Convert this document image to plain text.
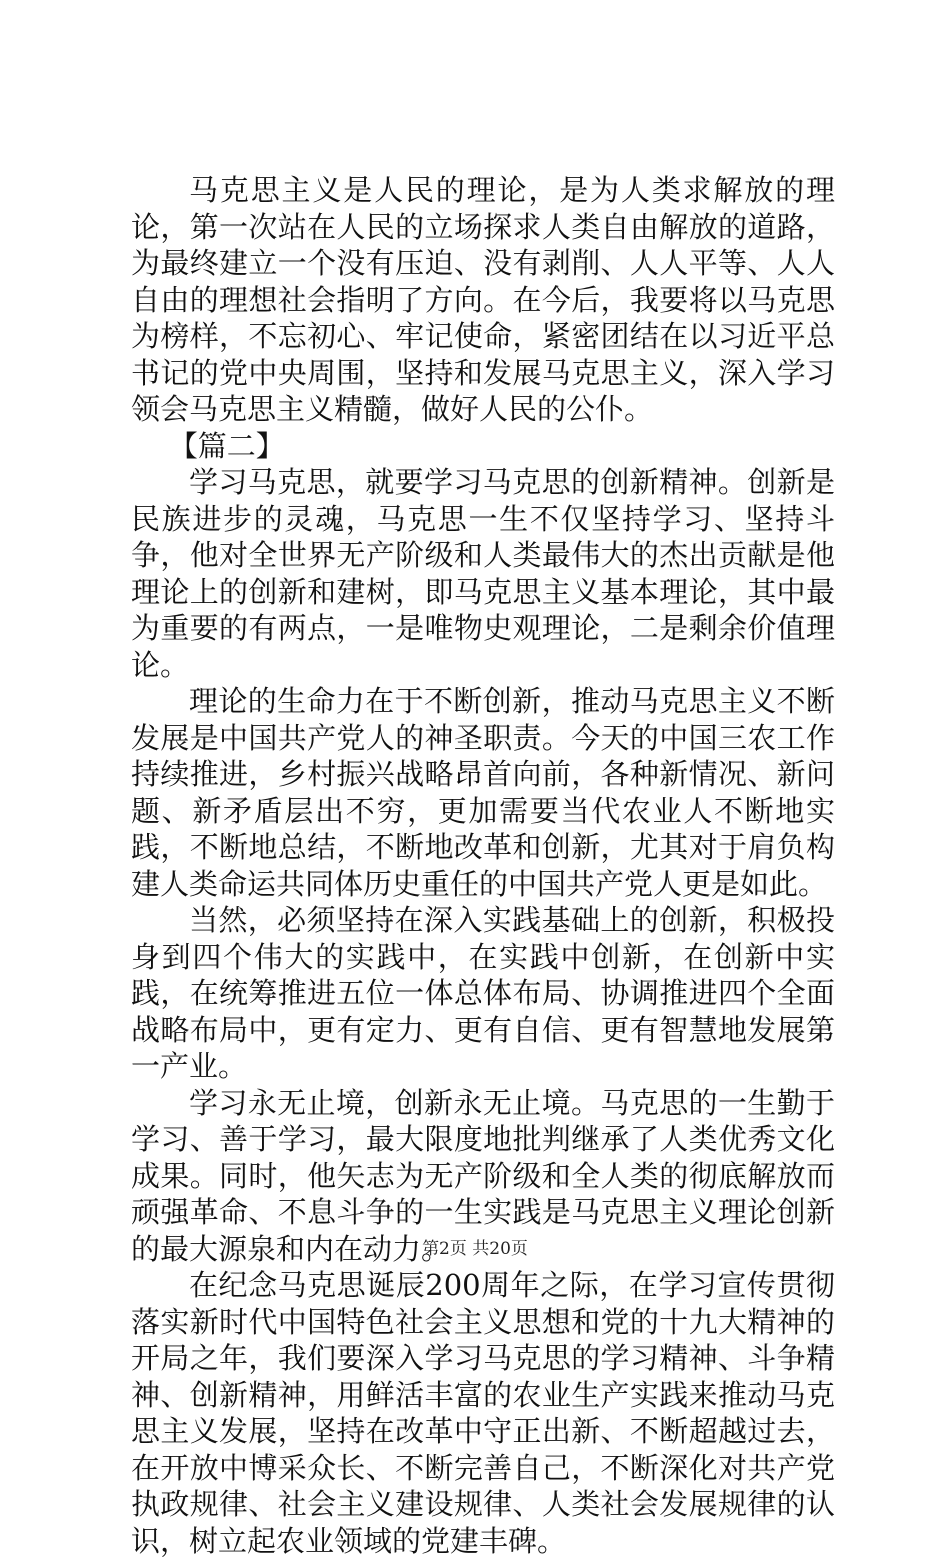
马克思主义是人民的理论，是为人类求解放的理论，第一次站在人民的立场探求人类自由解放的道路，为最终建立一个没有压迫、没有剥削、人人平等、人人自由的理想社会指明了方向。在今后，我要将以马克思为榜样，不忘初心、牢记使命，紧密团结在以习近平总书记的党中央周围，坚持和发展马克思主义，深入学习领会马克思主义精髓，做好人民的公仆。

【篇二】

学习马克思，就要学习马克思的创新精神。创新是民族进步的灵魂，马克思一生不仅坚持学习、坚持斗争，他对全世界无产阶级和人类最伟大的杰出贡献是他理论上的创新和建树，即马克思主义基本理论，其中最为重要的有两点，一是唯物史观理论，二是剩余价值理论。

理论的生命力在于不断创新，推动马克思主义不断发展是中国共产党人的神圣职责。今天的中国三农工作持续推进，乡村振兴战略昂首向前，各种新情况、新问题、新矛盾层出不穷，更加需要当代农业人不断地实践，不断地总结，不断地改革和创新，尤其对于肩负构建人类命运共同体历史重任的中国共产党人更是如此。

当然，必须坚持在深入实践基础上的创新，积极投身到四个伟大的实践中，在实践中创新，在创新中实践，在统筹推进五位一体总体布局、协调推进四个全面战略布局中，更有定力、更有自信、更有智慧地发展第一产业。

学习永无止境，创新永无止境。马克思的一生勤于学习、善于学习，最大限度地批判继承了人类优秀文化成果。同时，他矢志为无产阶级和全人类的彻底解放而顽强革命、不息斗争的一生实践是马克思主义理论创新的最大源泉和内在动力。

在纪念马克思诞辰200周年之际，在学习宣传贯彻落实新时代中国特色社会主义思想和党的十九大精神的开局之年，我们要深入学习马克思的学习精神、斗争精神、创新精神，用鲜活丰富的农业生产实践来推动马克思主义发展，坚持在改革中守正出新、不断超越过去，在开放中博采众长、不断完善自己，不断深化对共产党执政规律、社会主义建设规律、人类社会发展规律的认识，树立起农业领域的党建丰碑。

第2页 共20页
